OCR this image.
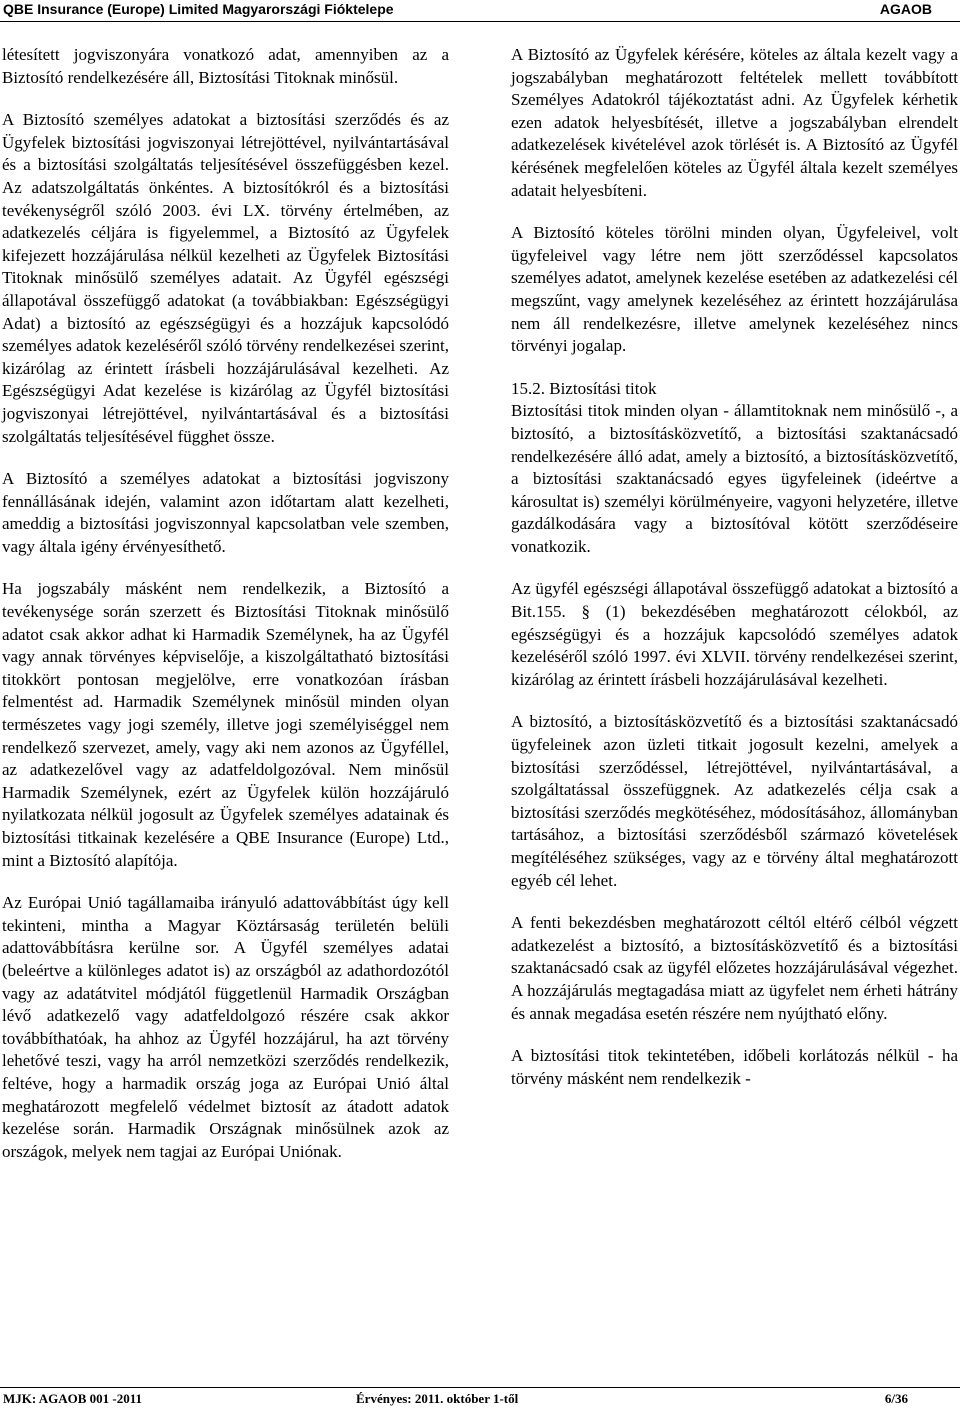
QBE Insurance (Europe) Limited Magyarországi Fióktelepe	AGAOB

létesített jogviszonyára vonatkozó adat, amennyiben az a Biztosító rendelkezésére áll, Biztosítási Titoknak minősül.

A Biztosító személyes adatokat a biztosítási szerződés és az Ügyfelek biztosítási jogviszonyai létrejöttével, nyilvántartásával és a biztosítási szolgáltatás teljesítésével összefüggésben kezel. Az adatszolgáltatás önkéntes. A biztosítókról és a biztosítási tevékenységről szóló 2003. évi LX. törvény értelmében, az adatkezelés céljára is figyelemmel, a Biztosító az Ügyfelek kifejezett hozzájárulása nélkül kezelheti az Ügyfelek Biztosítási Titoknak minősülő személyes adatait. Az Ügyfél egészségi állapotával összefüggő adatokat (a továbbiakban: Egészségügyi Adat) a biztosító az egészségügyi és a hozzájuk kapcsolódó személyes adatok kezeléséről szóló törvény rendelkezései szerint, kizárólag az érintett írásbeli hozzájárulásával kezelheti. Az Egészségügyi Adat kezelése is kizárólag az Ügyfél biztosítási jogviszonyai létrejöttével, nyilvántartásával és a biztosítási szolgáltatás teljesítésével függhet össze.

A Biztosító a személyes adatokat a biztosítási jogviszony fennállásának idején, valamint azon időtartam alatt kezelheti, ameddig a biztosítási jogviszonnyal kapcsolatban vele szemben, vagy általa igény érvényesíthető.

Ha jogszabály másként nem rendelkezik, a Biztosító a tevékenysége során szerzett és Biztosítási Titoknak minősülő adatot csak akkor adhat ki Harmadik Személynek, ha az Ügyfél vagy annak törvényes képviselője, a kiszolgáltatható biztosítási titokkört pontosan megjelölve, erre vonatkozóan írásban felmentést ad. Harmadik Személynek minősül minden olyan természetes vagy jogi személy, illetve jogi személyiséggel nem rendelkező szervezet, amely, vagy aki nem azonos az Ügyféllel, az adatkezelővel vagy az adatfeldolgozóval. Nem minősül Harmadik Személynek, ezért az Ügyfelek külön hozzájáruló nyilatkozata nélkül jogosult az Ügyfelek személyes adatainak és biztosítási titkainak kezelésére a QBE Insurance (Europe) Ltd., mint a Biztosító alapítója.

Az Európai Unió tagállamaiba irányuló adattovábbítást úgy kell tekinteni, mintha a Magyar Köztársaság területén belüli adattovábbításra kerülne sor. A Ügyfél személyes adatai (beleértve a különleges adatot is) az országból az adathordozótól vagy az adatátvitel módjától függetlenül Harmadik Országban lévő adatkezelő vagy adatfeldolgozó részére csak akkor továbbíthatóak, ha ahhoz az Ügyfél hozzájárul, ha azt törvény lehetővé teszi, vagy ha arról nemzetközi szerződés rendelkezik, feltéve, hogy a harmadik ország joga az Európai Unió által meghatározott megfelelő védelmet biztosít az átadott adatok kezelése során. Harmadik Országnak minősülnek azok az országok, melyek nem tagjai az Európai Uniónak.

A Biztosító az Ügyfelek kérésére, köteles az általa kezelt vagy a jogszabályban meghatározott feltételek mellett továbbított Személyes Adatokról tájékoztatást adni. Az Ügyfelek kérhetik ezen adatok helyesbítését, illetve a jogszabályban elrendelt adatkezelések kivételével azok törlését is. A Biztosító az Ügyfél kérésének megfelelően köteles az Ügyfél általa kezelt személyes adatait helyesbíteni.

A Biztosító köteles törölni minden olyan, Ügyfeleivel, volt ügyfeleivel vagy létre nem jött szerződéssel kapcsolatos személyes adatot, amelynek kezelése esetében az adatkezelési cél megszűnt, vagy amelynek kezeléséhez az érintett hozzájárulása nem áll rendelkezésre, illetve amelynek kezeléséhez nincs törvényi jogalap.

15.2. Biztosítási titok

Biztosítási titok minden olyan - államtitoknak nem minősülő -, a biztosító, a biztosításközvetítő, a biztosítási szaktanácsadó rendelkezésére álló adat, amely a biztosító, a biztosításközvetítő, a biztosítási szaktanácsadó egyes ügyfeleinek (ideértve a károsultat is) személyi körülményeire, vagyoni helyzetére, illetve gazdálkodására vagy a biztosítóval kötött szerződéseire vonatkozik.

Az ügyfél egészségi állapotával összefüggő adatokat a biztosító a Bit.155. § (1) bekezdésében meghatározott célokból, az egészségügyi és a hozzájuk kapcsolódó személyes adatok kezeléséről szóló 1997. évi XLVII. törvény rendelkezései szerint, kizárólag az érintett írásbeli hozzájárulásával kezelheti.

A biztosító, a biztosításközvetítő és a biztosítási szaktanácsadó ügyfeleinek azon üzleti titkait jogosult kezelni, amelyek a biztosítási szerződéssel, létrejöttével, nyilvántartásával, a szolgáltatással összefüggnek. Az adatkezelés célja csak a biztosítási szerződés megkötéséhez, módosításához, állományban tartásához, a biztosítási szerződésből származó követelések megítéléséhez szükséges, vagy az e törvény által meghatározott egyéb cél lehet.

A fenti bekezdésben meghatározott céltól eltérő célból végzett adatkezelést a biztosító, a biztosításközvetítő és a biztosítási szaktanácsadó csak az ügyfél előzetes hozzájárulásával végezhet. A hozzájárulás megtagadása miatt az ügyfelet nem érheti hátrány és annak megadása esetén részére nem nyújtható előny.

A biztosítási titok tekintetében, időbeli korlátozás nélkül - ha törvény másként nem rendelkezik -

MJK: AGAOB 001 -2011	Érvényes: 2011. október 1-től	6/36
